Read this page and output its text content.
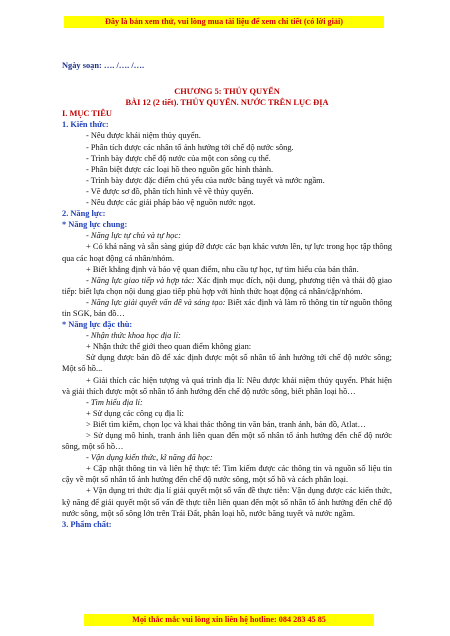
Đây là bản xem thử, vui lòng mua tài liệu để xem chi tiết (có lời giải)

Ngày soạn: …. /…. /….

CHƯƠNG 5: THỦY QUYỂN

BÀI 12 (2 tiết). THỦY QUYỂN. NƯỚC TRÊN LỤC ĐỊA

I. MỤC TIÊU

1. Kiến thức:

- Nêu được khái niệm thủy quyển.

- Phân tích được các nhân tố ảnh hưởng tới chế độ nước sông.

- Trình bày được chế độ nước của một con sông cụ thể.

- Phân biệt được các loại hồ theo nguồn gốc hình thành.

- Trình bày được đặc điểm chủ yếu của nước băng tuyết và nước ngầm.

- Vẽ được sơ đồ, phân tích hình vẽ về thủy quyển.

- Nêu được các giải pháp bảo vệ nguồn nước ngọt.

2. Năng lực:

* Năng lực chung:

- Năng lực tự chủ và tự học:

+ Có khả năng và sẵn sàng giúp đỡ được các bạn khác vươn lên, tự lực trong học tập thông qua các hoạt động cá nhân/nhóm.

+ Biết khẳng định và bảo vệ quan điểm, nhu cầu tự học, tự tìm hiểu của bản thân.

- Năng lực giao tiếp và hợp tác: Xác định mục đích, nội dung, phương tiện và thái độ giao tiếp: biết lựa chọn nội dung giao tiếp phù hợp với hình thức hoạt động cá nhân/cặp/nhóm.

- Năng lực giải quyết vấn đề và sáng tạo: Biết xác định và làm rõ thông tin từ nguồn thông tin SGK, bản đồ…

* Năng lực đặc thù:

- Nhận thức khoa học địa lí:

+ Nhận thức thế giới theo quan điểm không gian:

Sử dụng được bản đồ để xác định được một số nhân tố ảnh hưởng tới chế độ nước sông; Một số hồ...

+ Giải thích các hiện tượng và quá trình địa lí: Nêu được khái niệm thủy quyển. Phát hiện và giải thích được một số nhân tố ảnh hưởng đến chế độ nước sông, biết phân loại hồ…

- Tìm hiểu địa lí:

+ Sử dụng các công cụ địa lí:

> Biết tìm kiếm, chọn lọc và khai thác thông tin văn bản, tranh ảnh, bản đồ, Atlat…

> Sử dụng mô hình, tranh ảnh liên quan đến một số nhân tố ảnh hưởng đến chế độ nước sông, một số hồ…

- Vận dụng kiến thức, kĩ năng đã học:

+ Cập nhật thông tin và liên hệ thực tế: Tìm kiếm được các thông tin và nguồn số liệu tin cậy về một số nhân tố ảnh hưởng đến chế độ nước sông, một số hồ và cách phân loại.

+ Vận dụng tri thức địa lí giải quyết một số vấn đề thực tiễn: Vận dụng được các kiến thức, kỹ năng để giải quyết một số vấn đề thực tiễn liên quan đến một số nhân tố ảnh hưởng đến chế độ nước sông, một số sông lớn trên Trái Đất, phân loại hồ, nước băng tuyết và nước ngầm.

3. Phẩm chất:

Mọi thắc mắc vui lòng xin liên hệ hotline: 084 283 45 85
